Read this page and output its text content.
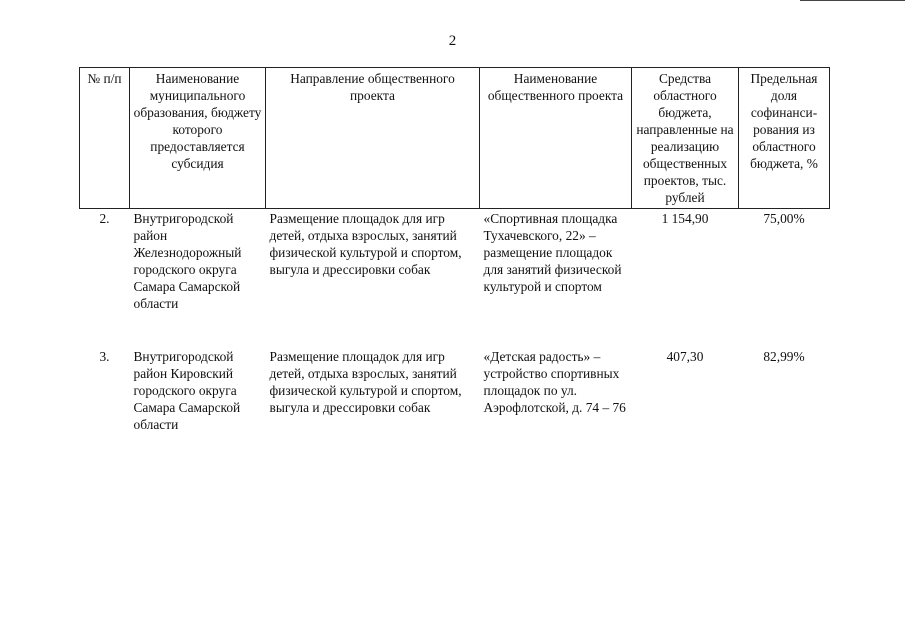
2
№ п/п	Наименование муниципального образования, бюджету которого предоставляется субсидия	Направление общественного проекта	Наименование общественного проекта	Средства областного бюджета, направленные на реализацию общественных проектов, тыс. рублей	Предельная доля софинанси-рования из областного бюджета, %
2.	Внутригородской район Железнодорожный городского округа Самара Самарской области	Размещение площадок для игр детей, отдыха взрослых, занятий физической культурой и спортом, выгула и дрессировки собак	«Спортивная площадка Тухачевского, 22» – размещение площадок для занятий физической культурой и спортом	1 154,90	75,00%
3.	Внутригородской район Кировский городского округа Самара Самарской области	Размещение площадок для игр детей, отдыха взрослых, занятий физической культурой и спортом, выгула и дрессировки собак	«Детская радость» – устройство спортивных площадок по ул. Аэрофлотской, д. 74 – 76	407,30	82,99%
